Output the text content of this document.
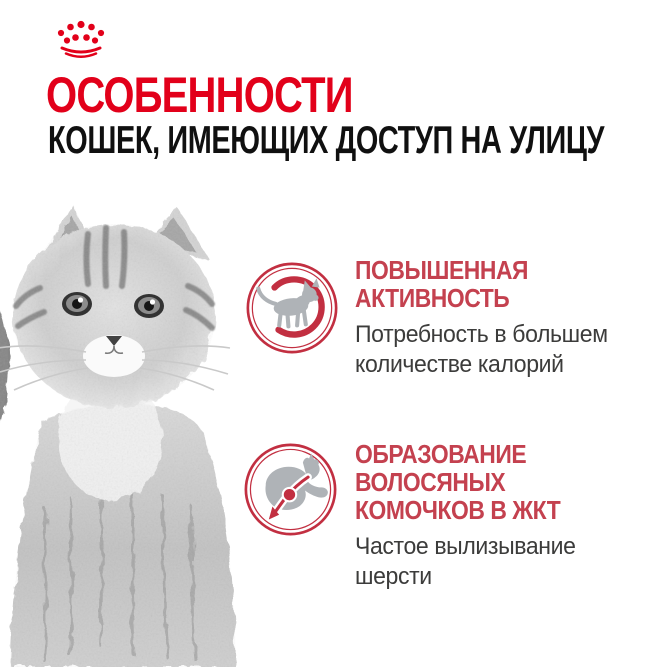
ОСОБЕННОСТИ
КОШЕК, ИМЕЮЩИХ ДОСТУП НА УЛИЦУ
ПОВЫШЕННАЯ
АКТИВНОСТЬ
Потребность в большем
количестве калорий
ОБРАЗОВАНИЕ
ВОЛОСЯНЫХ
КОМОЧКОВ В ЖКТ
Частое вылизывание
шерсти
